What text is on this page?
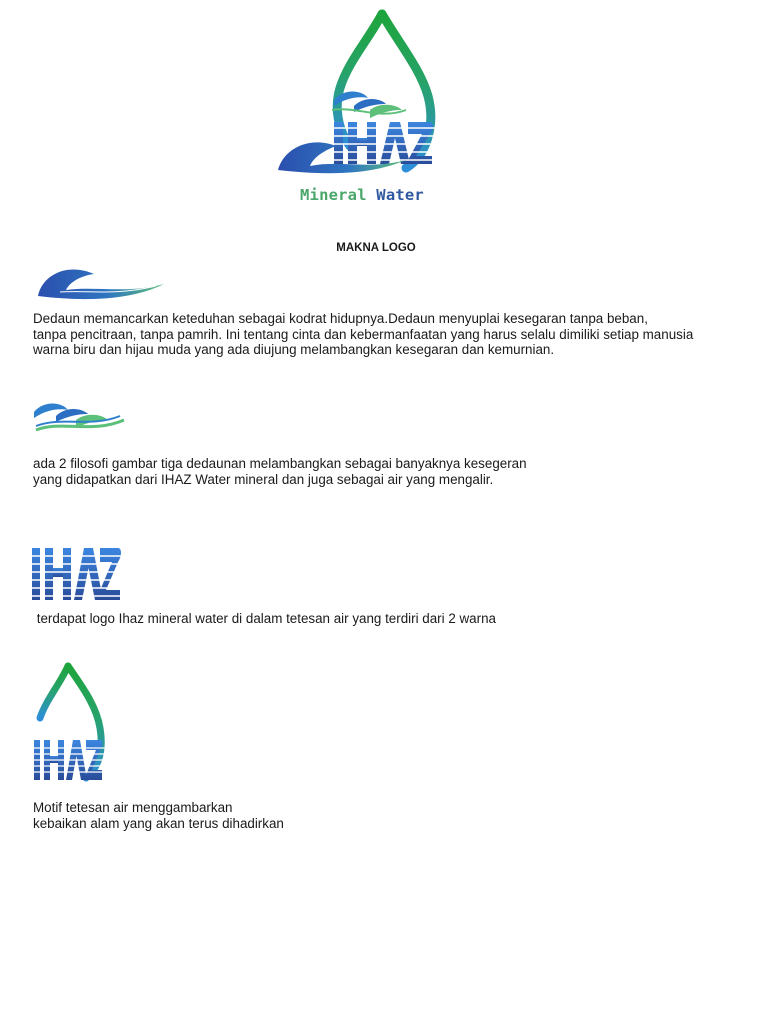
Mineral Water
MAKNA LOGO
Dedaun memancarkan keteduhan sebagai kodrat hidupnya.Dedaun menyuplai kesegaran tanpa beban,
tanpa pencitraan, tanpa pamrih. Ini tentang cinta dan kebermanfaatan yang harus selalu dimiliki setiap manusia
warna biru dan hijau muda yang ada diujung melambangkan kesegaran dan kemurnian.
ada 2 filosofi gambar tiga dedaunan melambangkan sebagai banyaknya kesegeran
yang didapatkan dari IHAZ Water mineral dan juga sebagai air yang mengalir.
terdapat logo Ihaz mineral water di dalam tetesan air yang terdiri dari 2 warna
Motif tetesan air menggambarkan
kebaikan alam yang akan terus dihadirkan
